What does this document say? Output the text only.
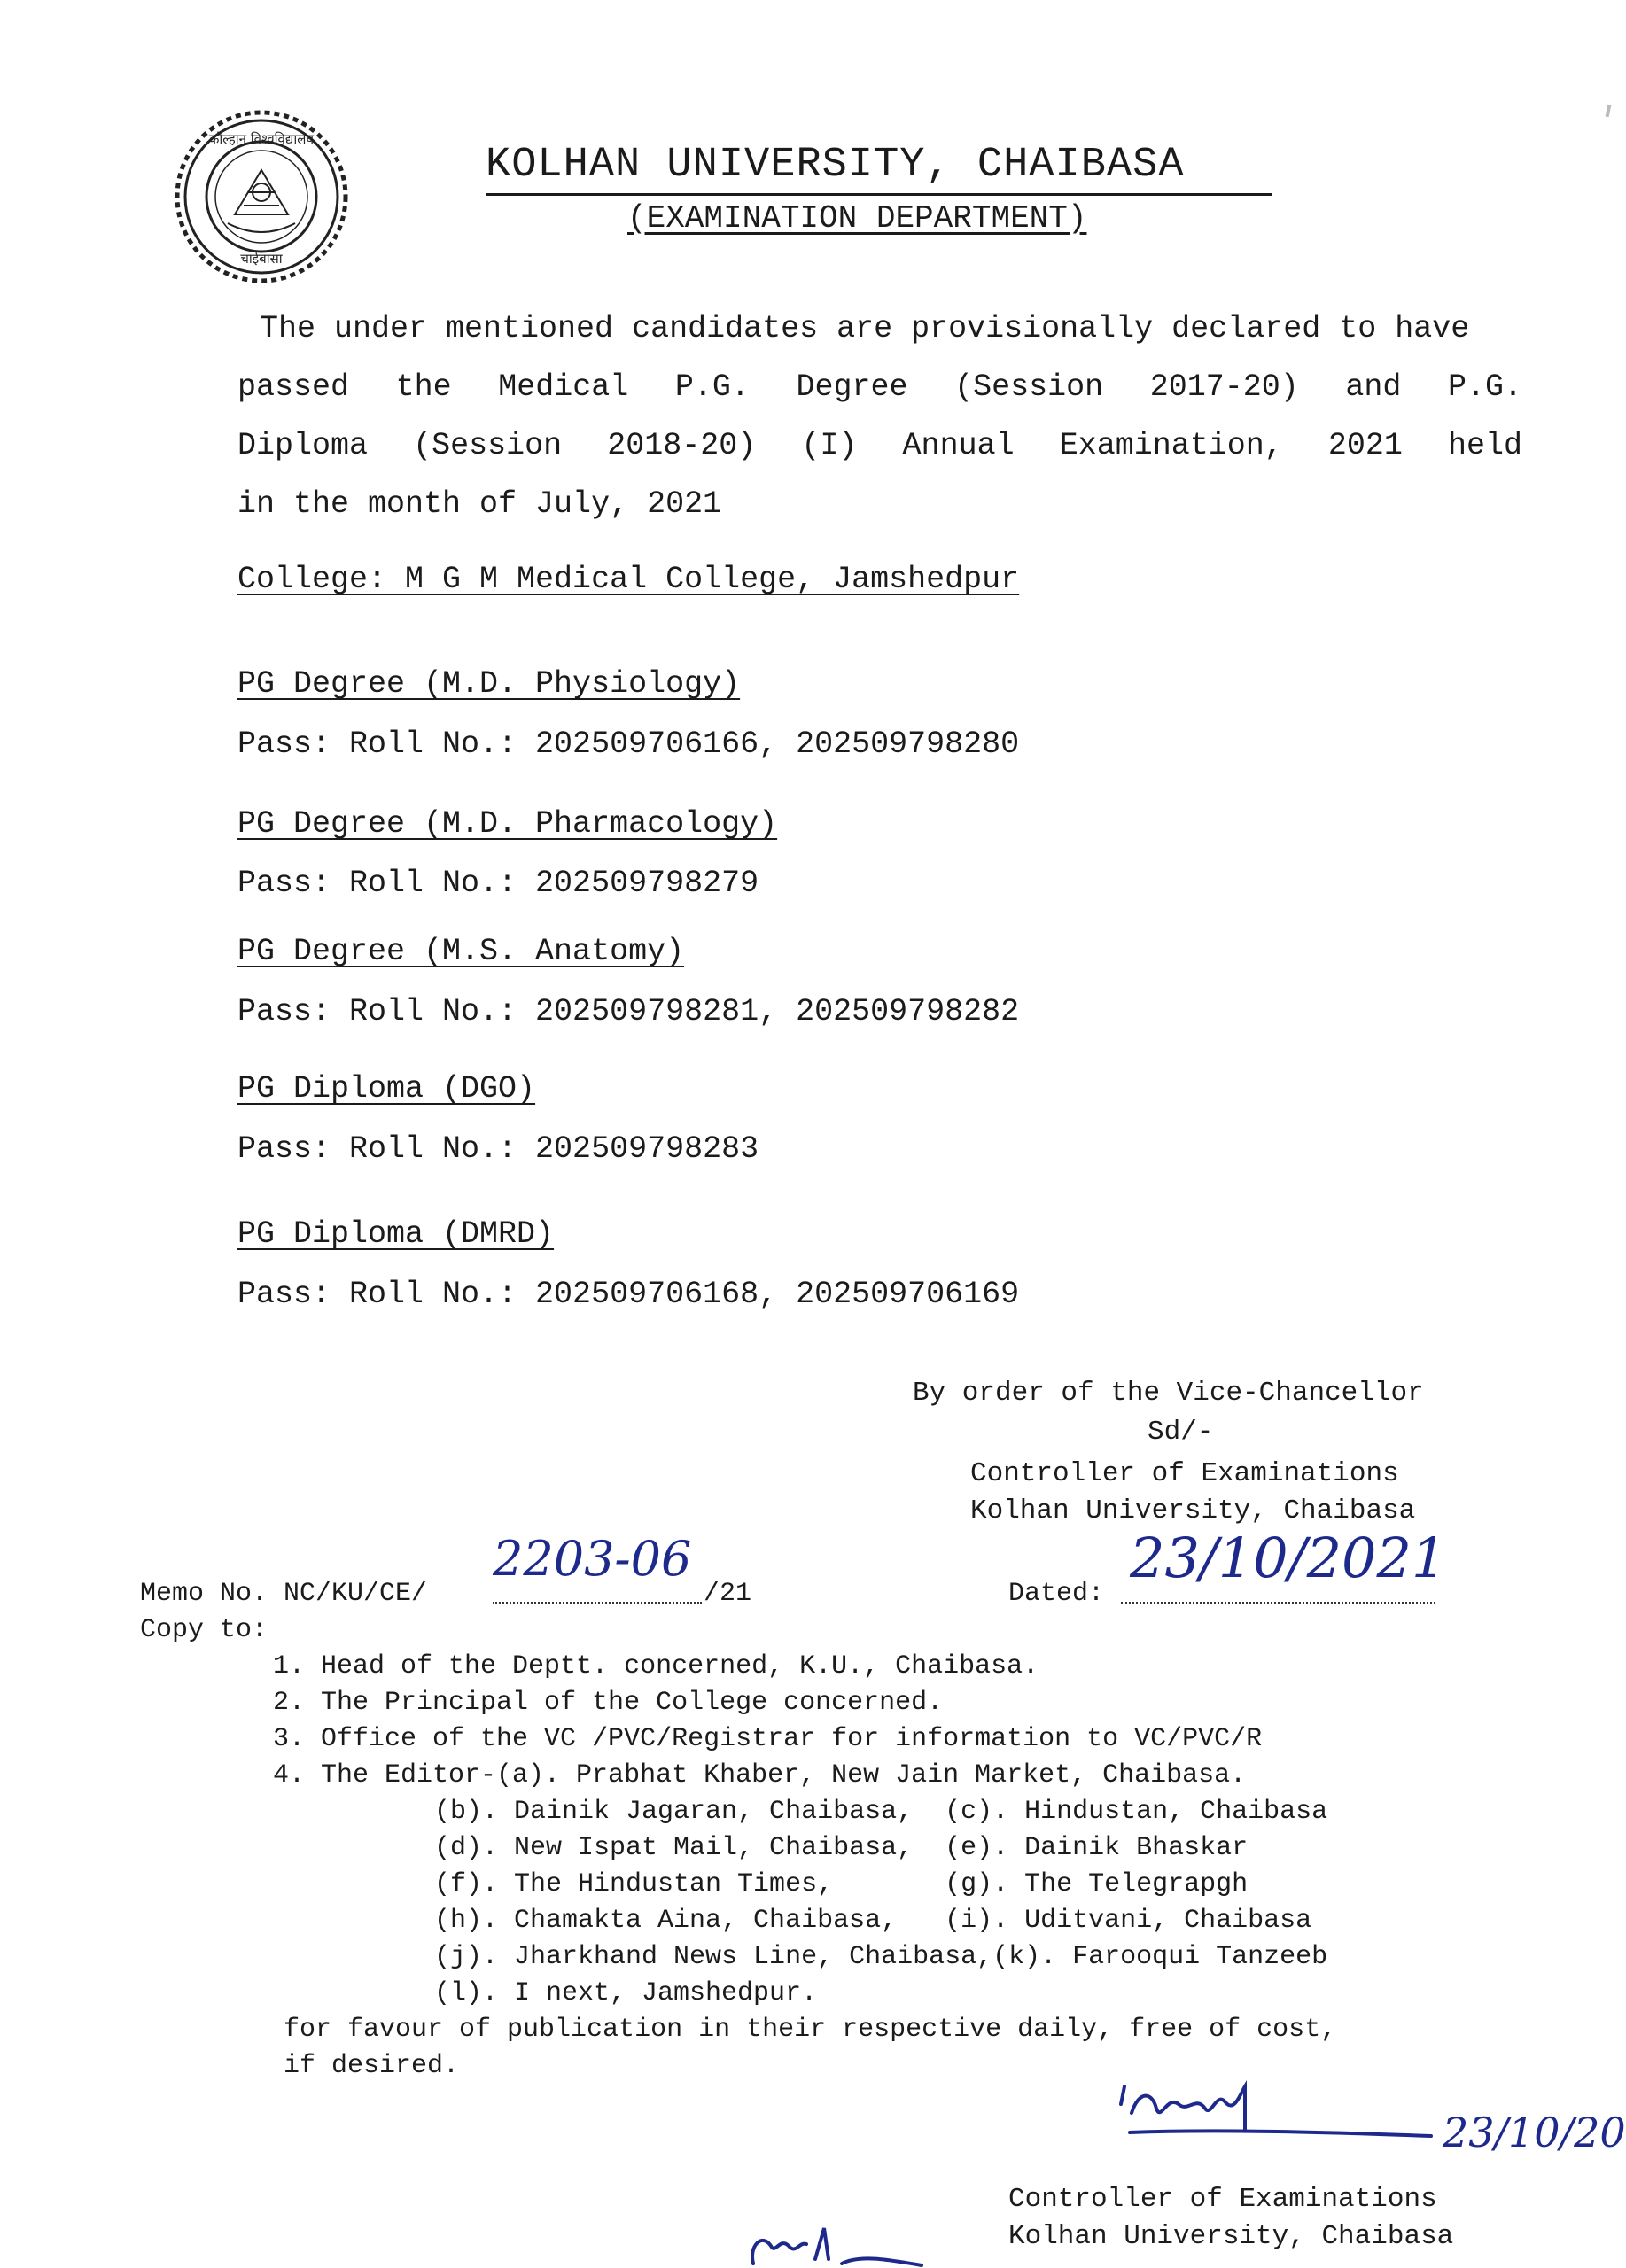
कोल्हान विश्वविद्यालय
चाईबासा
KOLHAN UNIVERSITY, CHAIBASA
(EXAMINATION DEPARTMENT)
The under mentioned candidates are provisionally declared to have
passed the Medical P.G. Degree (Session 2017-20) and P.G.
Diploma (Session 2018-20) (I) Annual Examination, 2021 held
in the month of July, 2021
College: M G M Medical College, Jamshedpur
PG Degree (M.D. Physiology)
Pass: Roll No.: 202509706166, 202509798280
PG Degree (M.D. Pharmacology)
Pass: Roll No.: 202509798279
PG Degree (M.S. Anatomy)
Pass: Roll No.: 202509798281, 202509798282
PG Diploma (DGO)
Pass: Roll No.: 202509798283
PG Diploma (DMRD)
Pass: Roll No.: 202509706168, 202509706169
By order of the Vice-Chancellor
Sd/-
Controller of Examinations
Kolhan University, Chaibasa
Memo No. NC/KU/CE/
2203-06
/21	Dated:
23/10/2021
Copy to:
1. Head of the Deptt. concerned, K.U., Chaibasa.
2. The Principal of the College concerned.
3. Office of the VC /PVC/Registrar for information to VC/PVC/R
4. The Editor-(a). Prabhat Khaber, New Jain Market, Chaibasa.
(b). Dainik Jagaran, Chaibasa,  (c). Hindustan, Chaibasa
(d). New Ispat Mail, Chaibasa,  (e). Dainik Bhaskar
(f). The Hindustan Times,       (g). The Telegrapgh
(h). Chamakta Aina, Chaibasa,   (i). Uditvani, Chaibasa
(j). Jharkhand News Line, Chaibasa,(k). Farooqui Tanzeeb
(l). I next, Jamshedpur.
for favour of publication in their respective daily, free of cost,
if desired.
23/10/20
Controller of Examinations
Kolhan University, Chaibasa
